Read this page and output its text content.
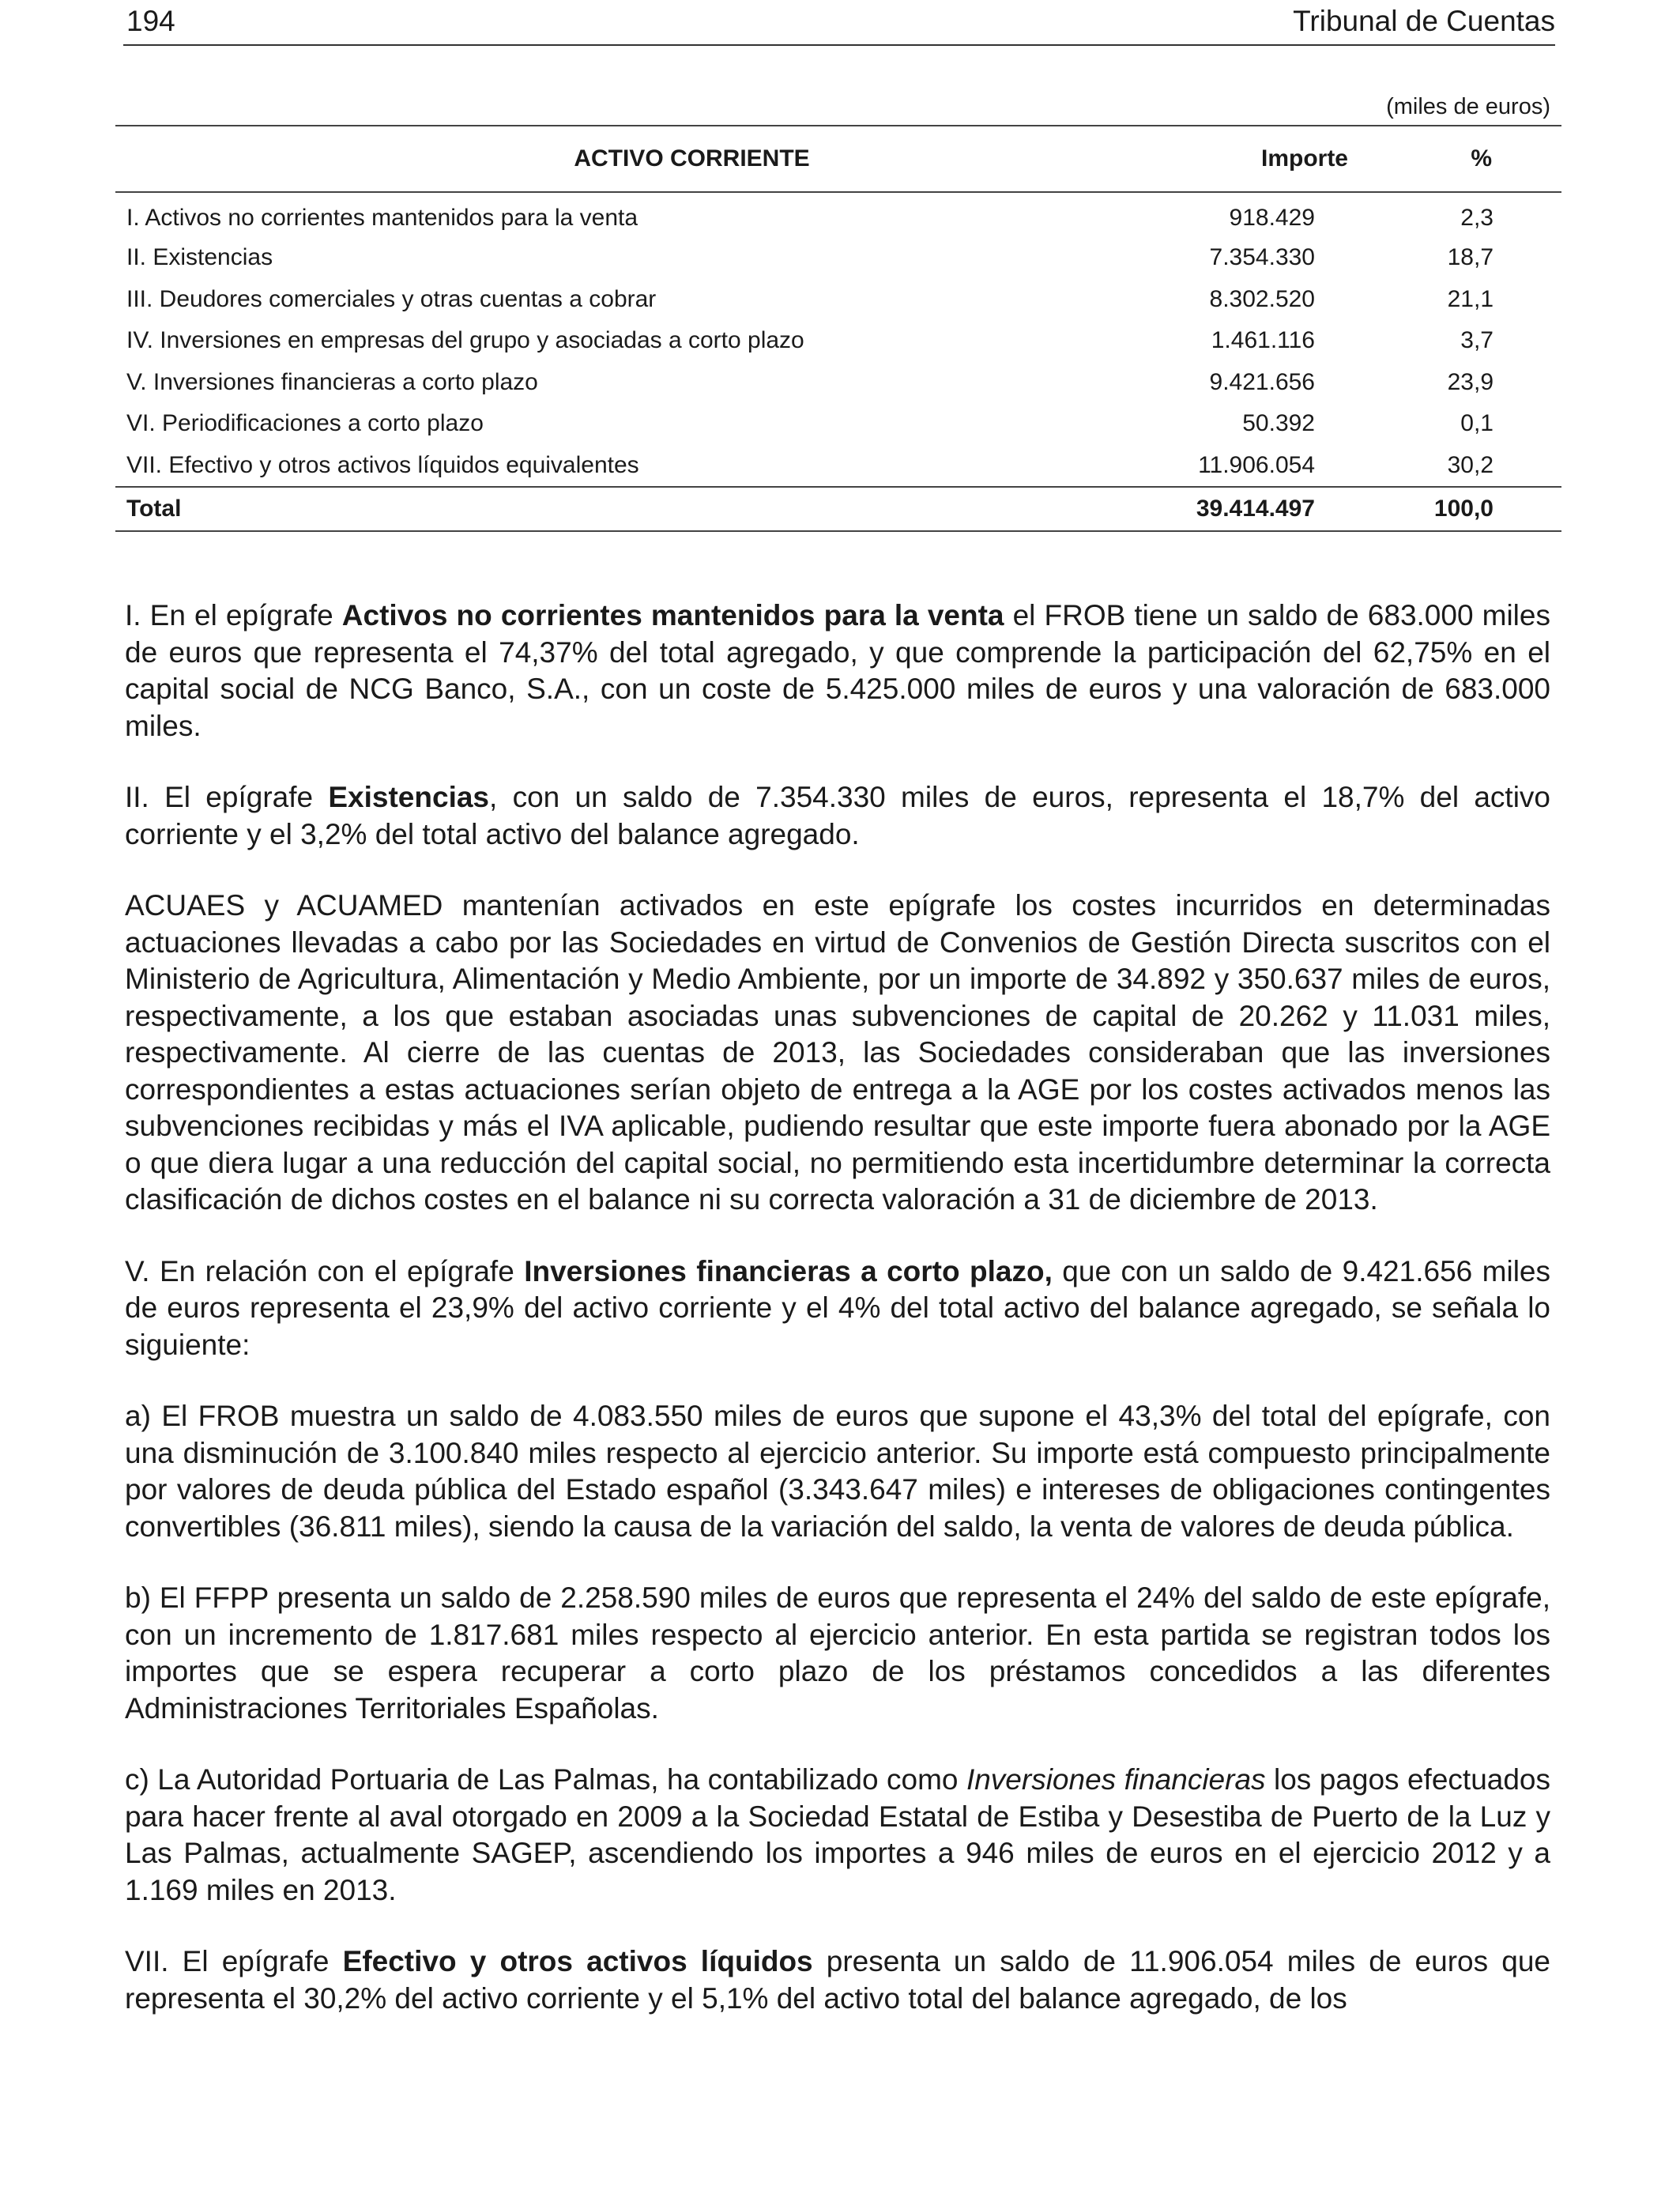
194	Tribunal de Cuentas
(miles de euros)
ACTIVO CORRIENTE	Importe	%
I. Activos no corrientes mantenidos para la venta	918.429	2,3
II. Existencias	7.354.330	18,7
III. Deudores comerciales y otras cuentas a cobrar	8.302.520	21,1
IV. Inversiones en empresas del grupo y asociadas a corto plazo	1.461.116	3,7
V. Inversiones financieras a corto plazo	9.421.656	23,9
VI. Periodificaciones a corto plazo	50.392	0,1
VII. Efectivo y otros activos líquidos equivalentes	11.906.054	30,2
Total	39.414.497	100,0

I. En el epígrafe Activos no corrientes mantenidos para la venta el FROB tiene un saldo de 683.000 miles de euros que representa el 74,37% del total agregado, y que comprende la participación del 62,75% en el capital social de NCG Banco, S.A., con un coste de 5.425.000 miles de euros y una valoración de 683.000 miles.

II. El epígrafe Existencias, con un saldo de 7.354.330 miles de euros, representa el 18,7% del activo corriente y el 3,2% del total activo del balance agregado.

ACUAES y ACUAMED mantenían activados en este epígrafe los costes incurridos en determinadas actuaciones llevadas a cabo por las Sociedades en virtud de Convenios de Gestión Directa suscritos con el Ministerio de Agricultura, Alimentación y Medio Ambiente, por un importe de 34.892 y 350.637 miles de euros, respectivamente, a los que estaban asociadas unas subvenciones de capital de 20.262 y 11.031 miles, respectivamente. Al cierre de las cuentas de 2013, las Sociedades consideraban que las inversiones correspondientes a estas actuaciones serían objeto de entrega a la AGE por los costes activados menos las subvenciones recibidas y más el IVA aplicable, pudiendo resultar que este importe fuera abonado por la AGE o que diera lugar a una reducción del capital social, no permitiendo esta incertidumbre determinar la correcta clasificación de dichos costes en el balance ni su correcta valoración a 31 de diciembre de 2013.

V. En relación con el epígrafe Inversiones financieras a corto plazo, que con un saldo de 9.421.656 miles de euros representa el 23,9% del activo corriente y el 4% del total activo del balance agregado, se señala lo siguiente:

a) El FROB muestra un saldo de 4.083.550 miles de euros que supone el 43,3% del total del epígrafe, con una disminución de 3.100.840 miles respecto al ejercicio anterior. Su importe está compuesto principalmente por valores de deuda pública del Estado español (3.343.647 miles) e intereses de obligaciones contingentes convertibles (36.811 miles), siendo la causa de la variación del saldo, la venta de valores de deuda pública.

b) El FFPP presenta un saldo de 2.258.590 miles de euros que representa el 24% del saldo de este epígrafe, con un incremento de 1.817.681 miles respecto al ejercicio anterior. En esta partida se registran todos los importes que se espera recuperar a corto plazo de los préstamos concedidos a las diferentes Administraciones Territoriales Españolas.

c) La Autoridad Portuaria de Las Palmas, ha contabilizado como Inversiones financieras los pagos efectuados para hacer frente al aval otorgado en 2009 a la Sociedad Estatal de Estiba y Desestiba de Puerto de la Luz y Las Palmas, actualmente SAGEP, ascendiendo los importes a 946 miles de euros en el ejercicio 2012 y a 1.169 miles en 2013.

VII. El epígrafe Efectivo y otros activos líquidos presenta un saldo de 11.906.054 miles de euros que representa el 30,2% del activo corriente y el 5,1% del activo total del balance agregado, de los
